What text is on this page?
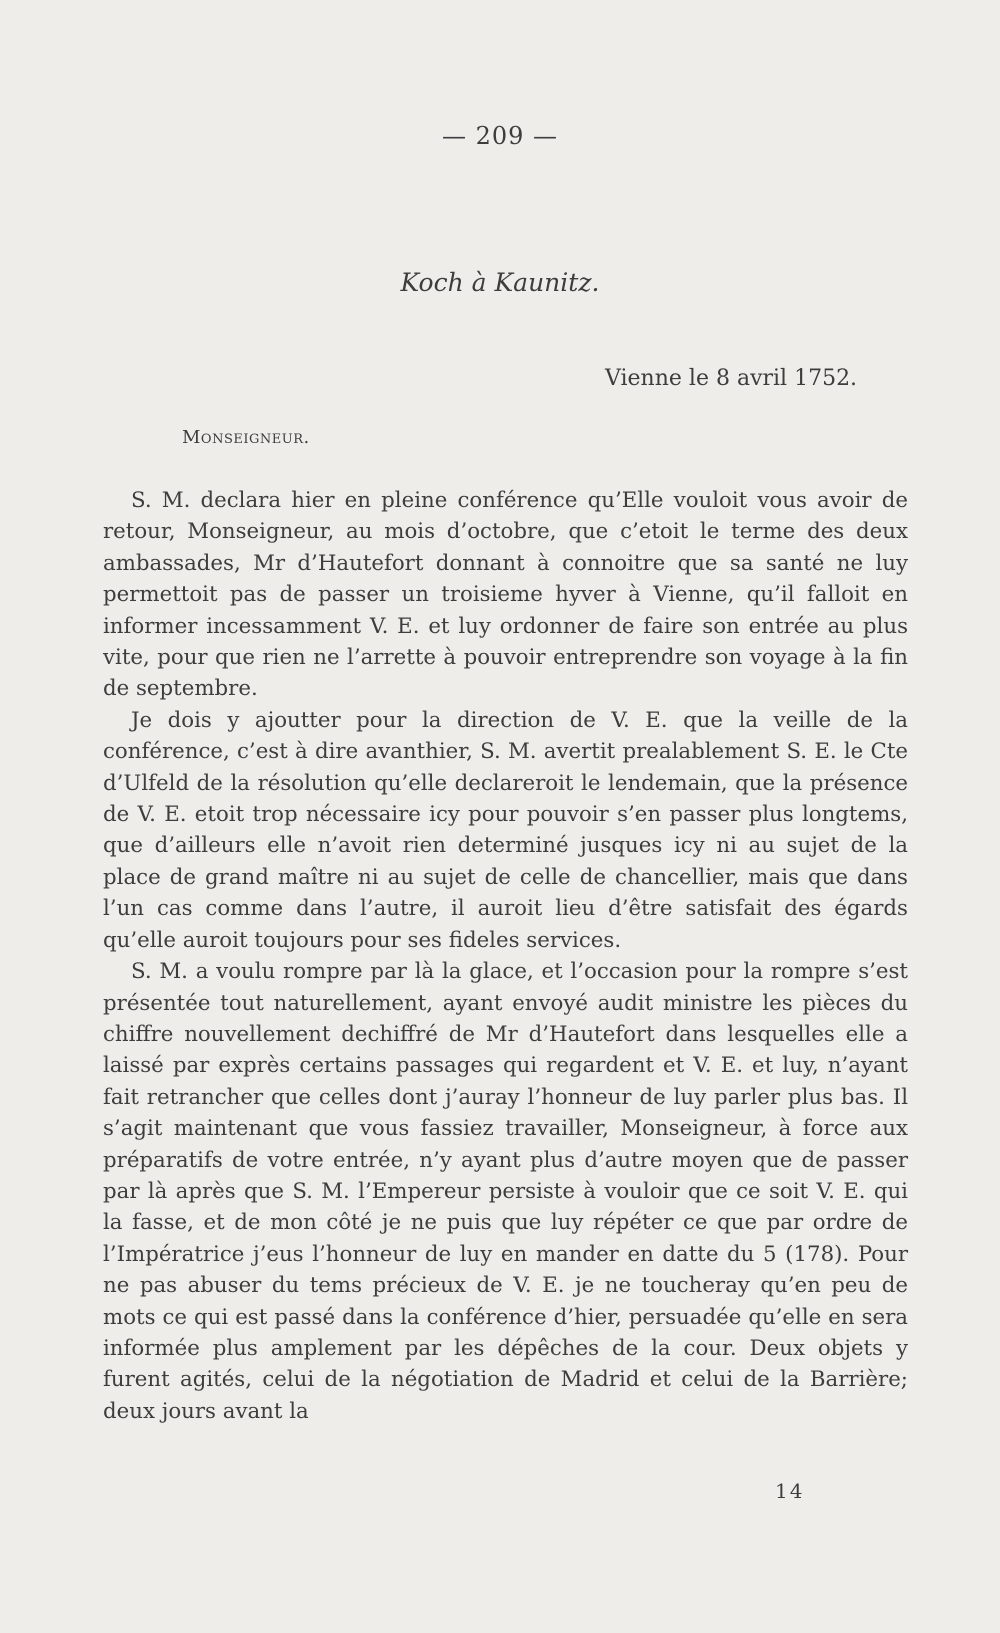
— 209 —
Koch à Kaunitz.
Vienne le 8 avril 1752.
Monseigneur.

S. M. declara hier en pleine conférence qu’Elle vouloit vous avoir de retour, Monseigneur, au mois d’octobre, que c’etoit le terme des deux ambassades, Mr d’Hautefort donnant à connoitre que sa santé ne luy permettoit pas de passer un troisieme hyver à Vienne, qu’il falloit en informer incessamment V. E. et luy ordonner de faire son entrée au plus vite, pour que rien ne l’arrette à pouvoir entreprendre son voyage à la fin de septembre.

Je dois y ajoutter pour la direction de V. E. que la veille de la conférence, c’est à dire avanthier, S. M. avertit prealablement S. E. le Cte d’Ulfeld de la résolution qu’elle declareroit le lendemain, que la présence de V. E. etoit trop nécessaire icy pour pouvoir s’en passer plus longtems, que d’ailleurs elle n’avoit rien determiné jusques icy ni au sujet de la place de grand maître ni au sujet de celle de chancellier, mais que dans l’un cas comme dans l’autre, il auroit lieu d’être satisfait des égards qu’elle auroit toujours pour ses fideles services.

S. M. a voulu rompre par là la glace, et l’occasion pour la rompre s’est présentée tout naturellement, ayant envoyé audit ministre les pièces du chiffre nouvellement dechiffré de Mr d’Hautefort dans lesquelles elle a laissé par exprès certains passages qui regardent et V. E. et luy, n’ayant fait retrancher que celles dont j’auray l’honneur de luy parler plus bas. Il s’agit maintenant que vous fassiez travailler, Monseigneur, à force aux préparatifs de votre entrée, n’y ayant plus d’autre moyen que de passer par là après que S. M. l’Empereur persiste à vouloir que ce soit V. E. qui la fasse, et de mon côté je ne puis que luy répéter ce que par ordre de l’Impératrice j’eus l’honneur de luy en mander en datte du 5 (178). Pour ne pas abuser du tems précieux de V. E. je ne toucheray qu’en peu de mots ce qui est passé dans la conférence d’hier, persuadée qu’elle en sera informée plus amplement par les dépêches de la cour. Deux objets y furent agités, celui de la négotiation de Madrid et celui de la Barrière; deux jours avant la

14
